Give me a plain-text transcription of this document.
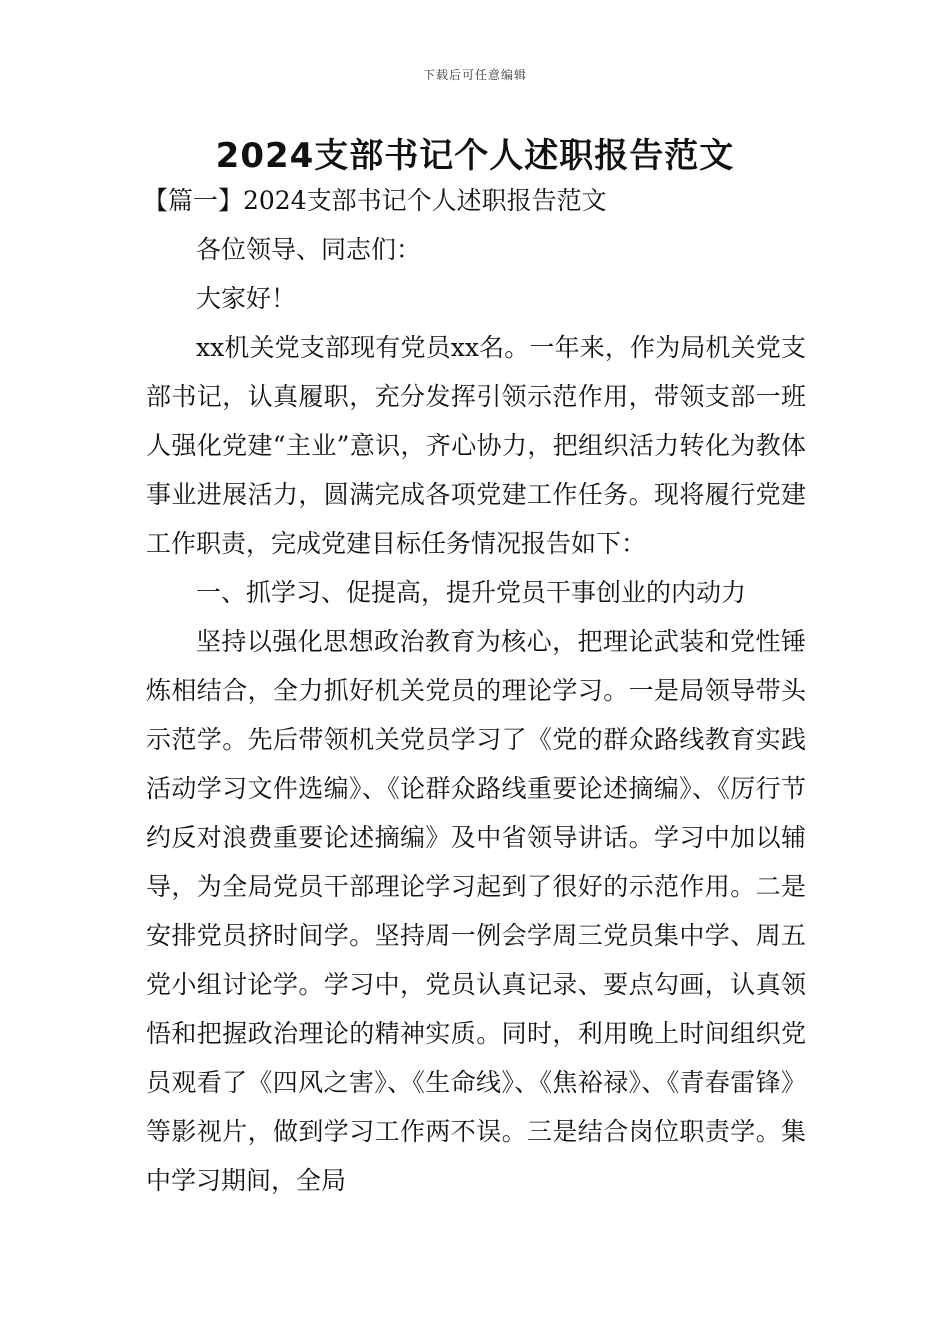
下载后可任意编辑
2024支部书记个人述职报告范文

【篇一】2024支部书记个人述职报告范文

各位领导、同志们：

大家好！

xx机关党支部现有党员xx名。一年来，作为局机关党支部书记，认真履职，充分发挥引领示范作用，带领支部一班人强化党建“主业”意识，齐心协力，把组织活力转化为教体事业进展活力，圆满完成各项党建工作任务。现将履行党建工作职责，完成党建目标任务情况报告如下：

一、抓学习、促提高，提升党员干事创业的内动力

坚持以强化思想政治教育为核心，把理论武装和党性锤炼相结合，全力抓好机关党员的理论学习。一是局领导带头示范学。先后带领机关党员学习了《党的群众路线教育实践活动学习文件选编》、《论群众路线重要论述摘编》、《厉行节约反对浪费重要论述摘编》及中省领导讲话。学习中加以辅导，为全局党员干部理论学习起到了很好的示范作用。二是安排党员挤时间学。坚持周一例会学周三党员集中学、周五党小组讨论学。学习中，党员认真记录、要点勾画，认真领悟和把握政治理论的精神实质。同时，利用晚上时间组织党员观看了《四风之害》、《生命线》、《焦裕禄》、《青春雷锋》等影视片，做到学习工作两不误。三是结合岗位职责学。集中学习期间，全局
